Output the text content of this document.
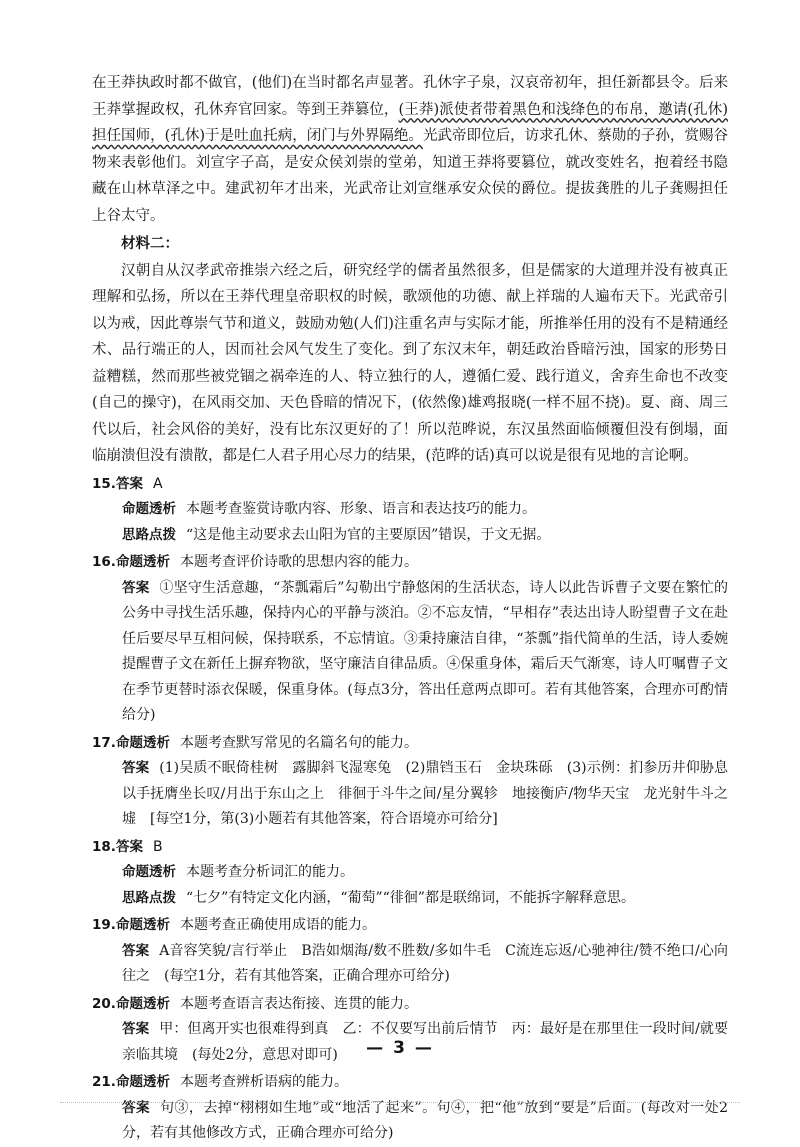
在王莽执政时都不做官，(他们)在当时都名声显著。孔休字子泉，汉哀帝初年，担任新都县令。后来王莽掌握政权，孔休弃官回家。等到王莽篡位，(王莽)派使者带着黑色和浅绛色的布帛，邀请(孔休)担任国师，(孔休)于是吐血托病，闭门与外界隔绝。光武帝即位后，访求孔休、蔡勋的子孙，赏赐谷物来表彰他们。刘宣字子高，是安众侯刘崇的堂弟，知道王莽将要篡位，就改变姓名，抱着经书隐藏在山林草泽之中。建武初年才出来，光武帝让刘宣继承安众侯的爵位。提拔龚胜的儿子龚赐担任上谷太守。

材料二：

汉朝自从汉孝武帝推崇六经之后，研究经学的儒者虽然很多，但是儒家的大道理并没有被真正理解和弘扬，所以在王莽代理皇帝职权的时候，歌颂他的功德、献上祥瑞的人遍布天下。光武帝引以为戒，因此尊崇气节和道义，鼓励劝勉(人们)注重名声与实际才能，所推举任用的没有不是精通经术、品行端正的人，因而社会风气发生了变化。到了东汉末年，朝廷政治昏暗污浊，国家的形势日益糟糕，然而那些被党锢之祸牵连的人、特立独行的人，遵循仁爱、践行道义，舍弃生命也不改变(自己的操守)，在风雨交加、天色昏暗的情况下，(依然像)雄鸡报晓(一样不屈不挠)。夏、商、周三代以后，社会风俗的美好，没有比东汉更好的了！所以范晔说，东汉虽然面临倾覆但没有倒塌，面临崩溃但没有溃散，都是仁人君子用心尽力的结果，(范晔的话)真可以说是很有见地的言论啊。

15.答案 A

命题透析 本题考查鉴赏诗歌内容、形象、语言和表达技巧的能力。

思路点拨 “这是他主动要求去山阳为官的主要原因”错误，于文无据。

16.命题透析 本题考查评价诗歌的思想内容的能力。

答案 ①坚守生活意趣，“茶瓢霜后”勾勒出宁静悠闲的生活状态，诗人以此告诉曹子文要在繁忙的公务中寻找生活乐趣，保持内心的平静与淡泊。②不忘友情，“早相存”表达出诗人盼望曹子文在赴任后要尽早互相问候，保持联系，不忘情谊。③秉持廉洁自律，“茶瓢”指代简单的生活，诗人委婉提醒曹子文在新任上摒弃物欲，坚守廉洁自律品质。④保重身体，霜后天气渐寒，诗人叮嘱曹子文在季节更替时添衣保暖，保重身体。(每点3分，答出任意两点即可。若有其他答案，合理亦可酌情给分)

17.命题透析 本题考查默写常见的名篇名句的能力。

答案 (1)吴质不眠倚桂树　露脚斜飞湿寒兔　(2)鼎铛玉石　金块珠砾　(3)示例：扪参历井仰胁息　以手抚膺坐长叹/月出于东山之上　徘徊于斗牛之间/星分翼轸　地接衡庐/物华天宝　龙光射牛斗之墟　[每空1分，第(3)小题若有其他答案，符合语境亦可给分]

18.答案 B

命题透析 本题考查分析词汇的能力。

思路点拨 “七夕”有特定文化内涵，“葡萄”“徘徊”都是联绵词，不能拆字解释意思。

19.命题透析 本题考查正确使用成语的能力。

答案 A音容笑貌/言行举止　B浩如烟海/数不胜数/多如牛毛　C流连忘返/心驰神往/赞不绝口/心向往之　(每空1分，若有其他答案，正确合理亦可给分)

20.命题透析 本题考查语言表达衔接、连贯的能力。

答案 甲：但离开实也很难得到真　乙：不仅要写出前后情节　丙：最好是在那里住一段时间/就要亲临其境　(每处2分，意思对即可)

21.命题透析 本题考查辨析语病的能力。

答案 句③，去掉“栩栩如生地”或“地活了起来”。句④，把“他”放到“要是”后面。(每改对一处2分，若有其他修改方式，正确合理亦可给分)

— 3 —
